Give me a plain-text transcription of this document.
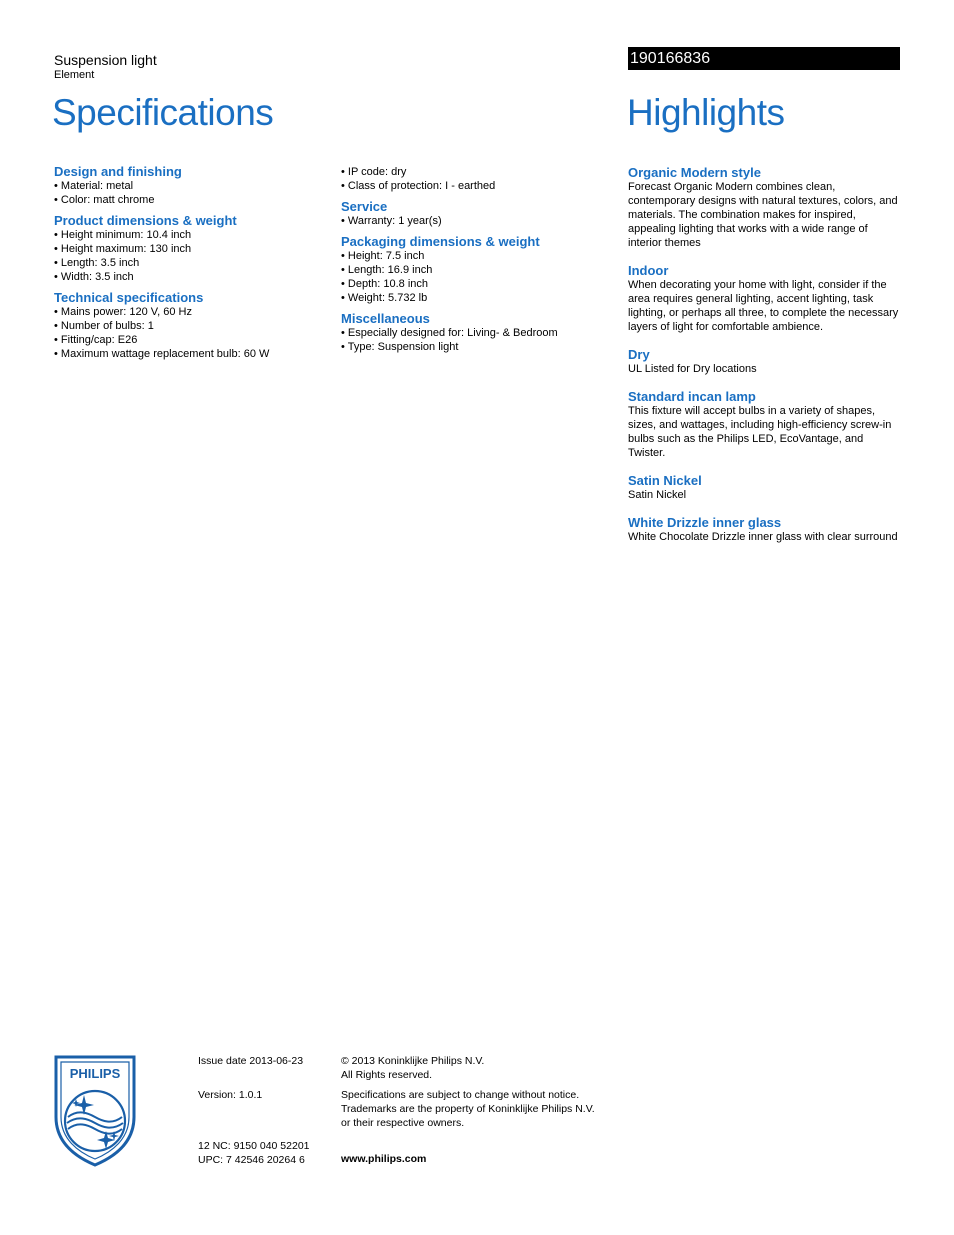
Suspension light
Element
190166836
Specifications	Highlights
Design and finishing
• Material: metal
• Color: matt chrome
Product dimensions & weight
• Height minimum: 10.4 inch
• Height maximum: 130 inch
• Length: 3.5 inch
• Width: 3.5 inch
Technical specifications
• Mains power: 120 V, 60 Hz
• Number of bulbs: 1
• Fitting/cap: E26
• Maximum wattage replacement bulb: 60 W
• IP code: dry
• Class of protection: I - earthed
Service
• Warranty: 1 year(s)
Packaging dimensions & weight
• Height: 7.5 inch
• Length: 16.9 inch
• Depth: 10.8 inch
• Weight: 5.732 lb
Miscellaneous
• Especially designed for: Living- & Bedroom
• Type: Suspension light
Organic Modern style
Forecast Organic Modern combines clean, contemporary designs with natural textures, colors, and materials. The combination makes for inspired, appealing lighting that works with a wide range of interior themes
Indoor
When decorating your home with light, consider if the area requires general lighting, accent lighting, task lighting, or perhaps all three, to complete the necessary layers of light for comfortable ambience.
Dry
UL Listed for Dry locations
Standard incan lamp
This fixture will accept bulbs in a variety of shapes, sizes, and wattages, including high-efficiency screw-in bulbs such as the Philips LED, EcoVantage, and Twister.
Satin Nickel
Satin Nickel
White Drizzle inner glass
White Chocolate Drizzle inner glass with clear surround
PHILIPS
Issue date 2013-06-23
Version: 1.0.1
12 NC: 9150 040 52201
UPC: 7 42546 20264 6
© 2013 Koninklijke Philips N.V.
All Rights reserved.
Specifications are subject to change without notice.
Trademarks are the property of Koninklijke Philips N.V.
or their respective owners.
www.philips.com
